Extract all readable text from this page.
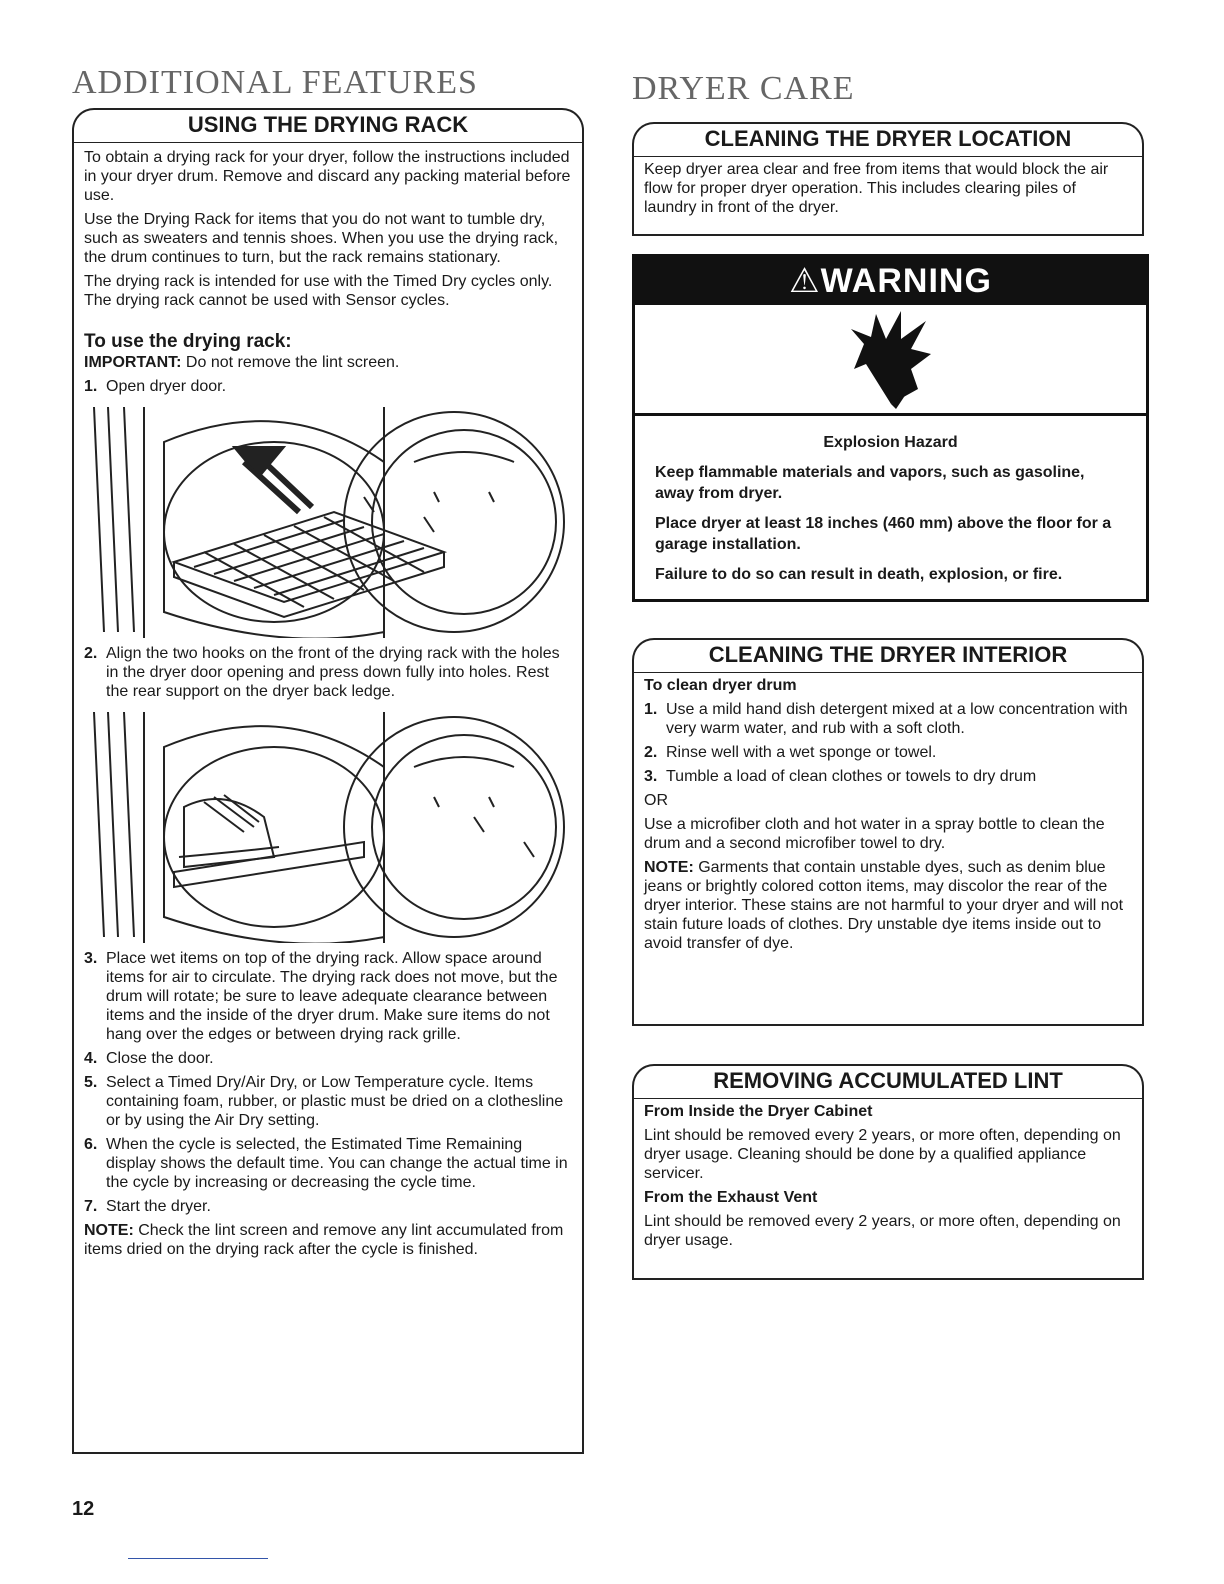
ADDITIONAL FEATURES
USING THE DRYING RACK

To obtain a drying rack for your dryer, follow the instructions included in your dryer drum. Remove and discard any packing material before use.

Use the Drying Rack for items that you do not want to tumble dry, such as sweaters and tennis shoes. When you use the drying rack, the drum continues to turn, but the rack remains stationary.

The drying rack is intended for use with the Timed Dry cycles only. The drying rack cannot be used with Sensor cycles.

To use the drying rack:

IMPORTANT: Do not remove the lint screen.

1. Open dryer door.
2. Align the two hooks on the front of the drying rack with the holes in the dryer door opening and press down fully into holes. Rest the rear support on the dryer back ledge.
3. Place wet items on top of the drying rack. Allow space around items for air to circulate. The drying rack does not move, but the drum will rotate; be sure to leave adequate clearance between items and the inside of the dryer drum. Make sure items do not hang over the edges or between drying rack grille.
4. Close the door.
5. Select a Timed Dry/Air Dry, or Low Temperature cycle. Items containing foam, rubber, or plastic must be dried on a clothesline or by using the Air Dry setting.
6. When the cycle is selected, the Estimated Time Remaining display shows the default time. You can change the actual time in the cycle by increasing or decreasing the cycle time.
7. Start the dryer.

NOTE: Check the lint screen and remove any lint accumulated from items dried on the drying rack after the cycle is finished.

DRYER CARE
CLEANING THE DRYER LOCATION

Keep dryer area clear and free from items that would block the air flow for proper dryer operation. This includes clearing piles of laundry in front of the dryer.

⚠WARNING

Explosion Hazard

Keep flammable materials and vapors, such as gasoline, away from dryer.

Place dryer at least 18 inches (460 mm) above the floor for a garage installation.

Failure to do so can result in death, explosion, or fire.

CLEANING THE DRYER INTERIOR

To clean dryer drum

1. Use a mild hand dish detergent mixed at a low concentration with very warm water, and rub with a soft cloth.
2. Rinse well with a wet sponge or towel.
3. Tumble a load of clean clothes or towels to dry drum

OR

Use a microfiber cloth and hot water in a spray bottle to clean the drum and a second microfiber towel to dry.

NOTE: Garments that contain unstable dyes, such as denim blue jeans or brightly colored cotton items, may discolor the rear of the dryer interior. These stains are not harmful to your dryer and will not stain future loads of clothes. Dry unstable dye items inside out to avoid transfer of dye.

REMOVING ACCUMULATED LINT

From Inside the Dryer Cabinet

Lint should be removed every 2 years, or more often, depending on dryer usage. Cleaning should be done by a qualified appliance servicer.

From the Exhaust Vent

Lint should be removed every 2 years, or more often, depending on dryer usage.

12
